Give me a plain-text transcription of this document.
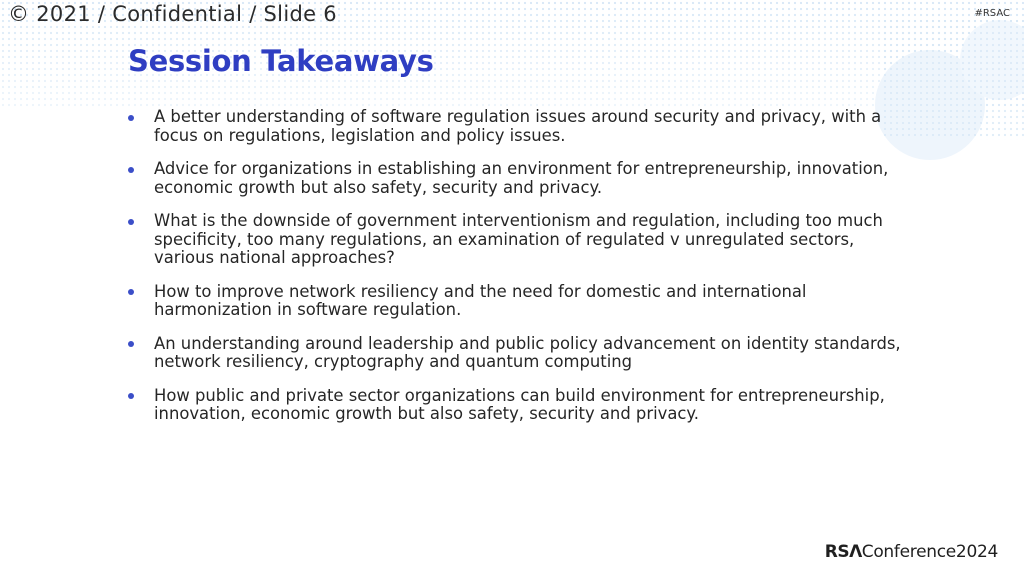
© 2021 / Confidential / Slide 6	#RSAC
Session Takeaways
A better understanding of software regulation issues around security and privacy, with a focus on regulations, legislation and policy issues.
Advice for organizations in establishing an environment for entrepreneurship, innovation, economic growth but also safety, security and privacy.
What is the downside of government interventionism and regulation, including too much specificity, too many regulations, an examination of regulated v unregulated sectors, various national approaches?
How to improve network resiliency and the need for domestic and international harmonization in software regulation.
An understanding around leadership and public policy advancement on identity standards, network resiliency, cryptography and quantum computing
How public and private sector organizations can build environment for entrepreneurship, innovation, economic growth but also safety, security and privacy.
RSΛConference2024
